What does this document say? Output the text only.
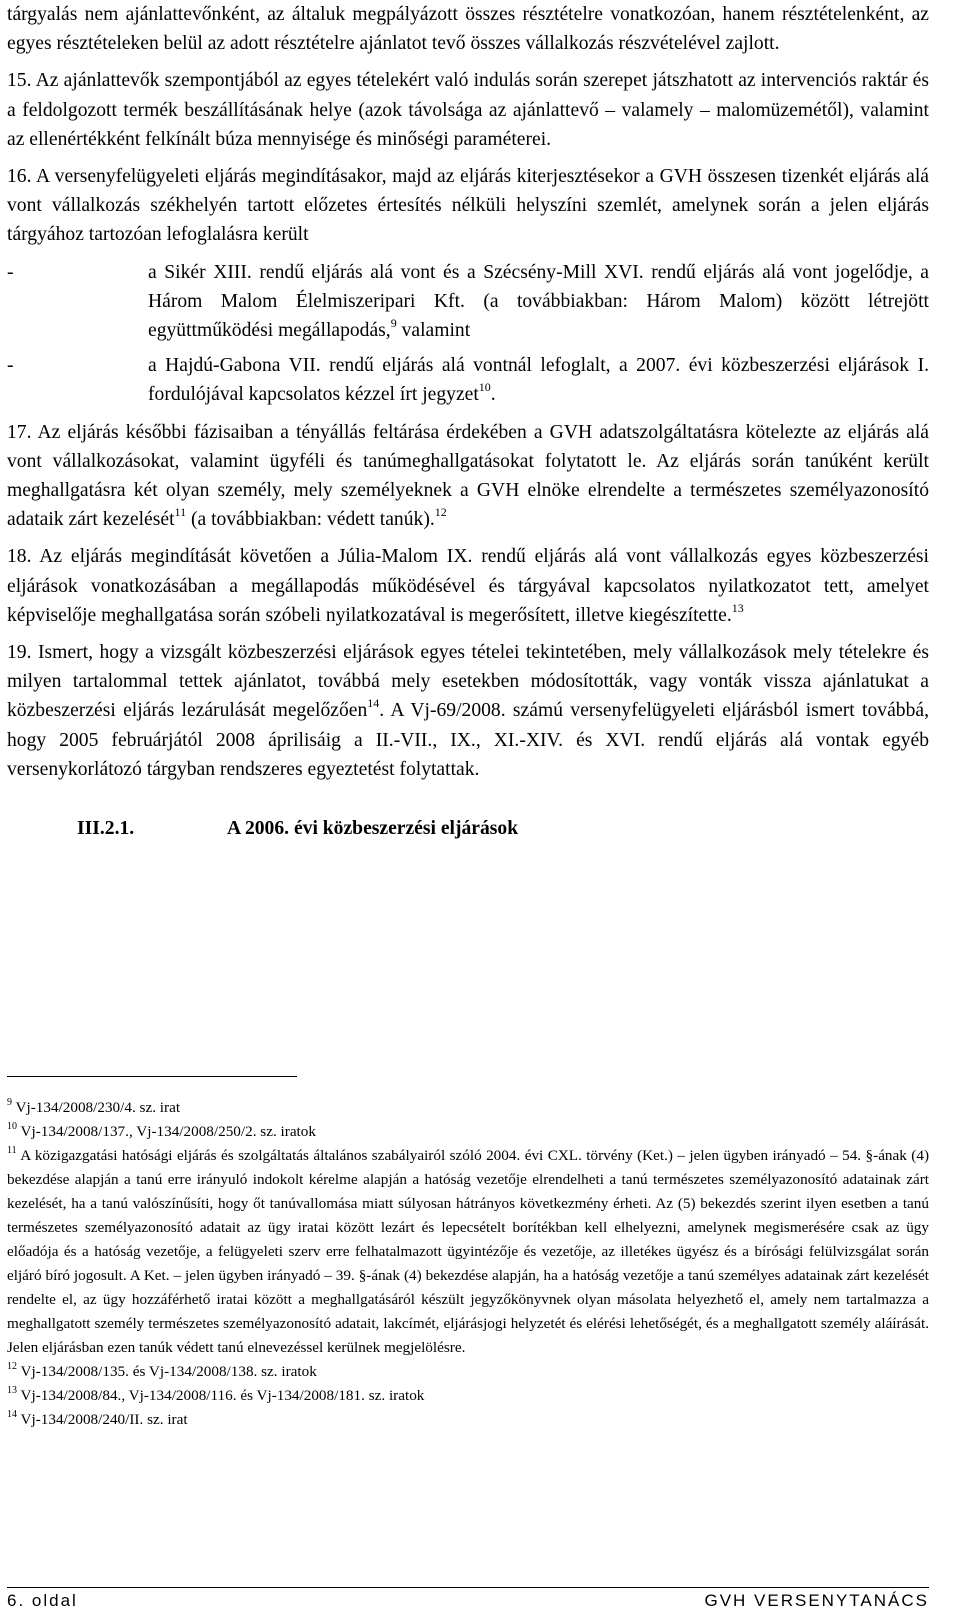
tárgyalás nem ajánlattevőnként, az általuk megpályázott összes résztételre vonatkozóan, hanem résztételenként, az egyes résztételeken belül az adott résztételre ajánlatot tevő összes vállalkozás részvételével zajlott.

15. Az ajánlattevők szempontjából az egyes tételekért való indulás során szerepet játszhatott az intervenciós raktár és a feldolgozott termék beszállításának helye (azok távolsága az ajánlattevő – valamely – malomüzemétől), valamint az ellenértékként felkínált búza mennyisége és minőségi paraméterei.

16. A versenyfelügyeleti eljárás megindításakor, majd az eljárás kiterjesztésekor a GVH összesen tizenkét eljárás alá vont vállalkozás székhelyén tartott előzetes értesítés nélküli helyszíni szemlét, amelynek során a jelen eljárás tárgyához tartozóan lefoglalásra került

-	a Sikér XIII. rendű eljárás alá vont és a Szécsény-Mill XVI. rendű eljárás alá vont jogelődje, a Három Malom Élelmiszeripari Kft. (a továbbiakban: Három Malom) között létrejött együttműködési megállapodás,$^9$ valamint

-	a Hajdú-Gabona VII. rendű eljárás alá vontnál lefoglalt, a 2007. évi közbeszerzési eljárások I. fordulójával kapcsolatos kézzel írt jegyzet$^{10}$.

17. Az eljárás későbbi fázisaiban a tényállás feltárása érdekében a GVH adatszolgáltatásra kötelezte az eljárás alá vont vállalkozásokat, valamint ügyféli és tanúmeghallgatásokat folytatott le. Az eljárás során tanúként került meghallgatásra két olyan személy, mely személyeknek a GVH elnöke elrendelte a természetes személyazonosító adataik zárt kezelését$^{11}$ (a továbbiakban: védett tanúk).$^{12}$

18. Az eljárás megindítását követően a Júlia-Malom IX. rendű eljárás alá vont vállalkozás egyes közbeszerzési eljárások vonatkozásában a megállapodás működésével és tárgyával kapcsolatos nyilatkozatot tett, amelyet képviselője meghallgatása során szóbeli nyilatkozatával is megerősített, illetve kiegészítette.$^{13}$

19. Ismert, hogy a vizsgált közbeszerzési eljárások egyes tételei tekintetében, mely vállalkozások mely tételekre és milyen tartalommal tettek ajánlatot, továbbá mely esetekben módosították, vagy vonták vissza ajánlatukat a közbeszerzési eljárás lezárulását megelőzően$^{14}$. A Vj-69/2008. számú versenyfelügyeleti eljárásból ismert továbbá, hogy 2005 februárjától 2008 áprilisáig a II.-VII., IX., XI.-XIV. és XVI. rendű eljárás alá vontak egyéb versenykorlátozó tárgyban rendszeres egyeztetést folytattak.

III.2.1.	A 2006. évi közbeszerzési eljárások

$^9$ Vj-134/2008/230/4. sz. irat

$^{10}$ Vj-134/2008/137., Vj-134/2008/250/2. sz. iratok

$^{11}$ A közigazgatási hatósági eljárás és szolgáltatás általános szabályairól szóló 2004. évi CXL. törvény (Ket.) – jelen ügyben irányadó – 54. §-ának (4) bekezdése alapján a tanú erre irányuló indokolt kérelme alapján a hatóság vezetője elrendelheti a tanú természetes személyazonosító adatainak zárt kezelését, ha a tanú valószínűsíti, hogy őt tanúvallomása miatt súlyosan hátrányos következmény érheti. Az (5) bekezdés szerint ilyen esetben a tanú természetes személyazonosító adatait az ügy iratai között lezárt és lepecsételt borítékban kell elhelyezni, amelynek megismerésére csak az ügy előadója és a hatóság vezetője, a felügyeleti szerv erre felhatalmazott ügyintézője és vezetője, az illetékes ügyész és a bírósági felülvizsgálat során eljáró bíró jogosult. A Ket. – jelen ügyben irányadó – 39. §-ának (4) bekezdése alapján, ha a hatóság vezetője a tanú személyes adatainak zárt kezelését rendelte el, az ügy hozzáférhető iratai között a meghallgatásáról készült jegyzőkönyvnek olyan másolata helyezhető el, amely nem tartalmazza a meghallgatott személy természetes személyazonosító adatait, lakcímét, eljárásjogi helyzetét és elérési lehetőségét, és a meghallgatott személy aláírását. Jelen eljárásban ezen tanúk védett tanú elnevezéssel kerülnek megjelölésre.

$^{12}$ Vj-134/2008/135. és Vj-134/2008/138. sz. iratok

$^{13}$ Vj-134/2008/84., Vj-134/2008/116. és Vj-134/2008/181. sz. iratok

$^{14}$ Vj-134/2008/240/II. sz. irat

6. oldal	GVH VERSENYTANÁCS
